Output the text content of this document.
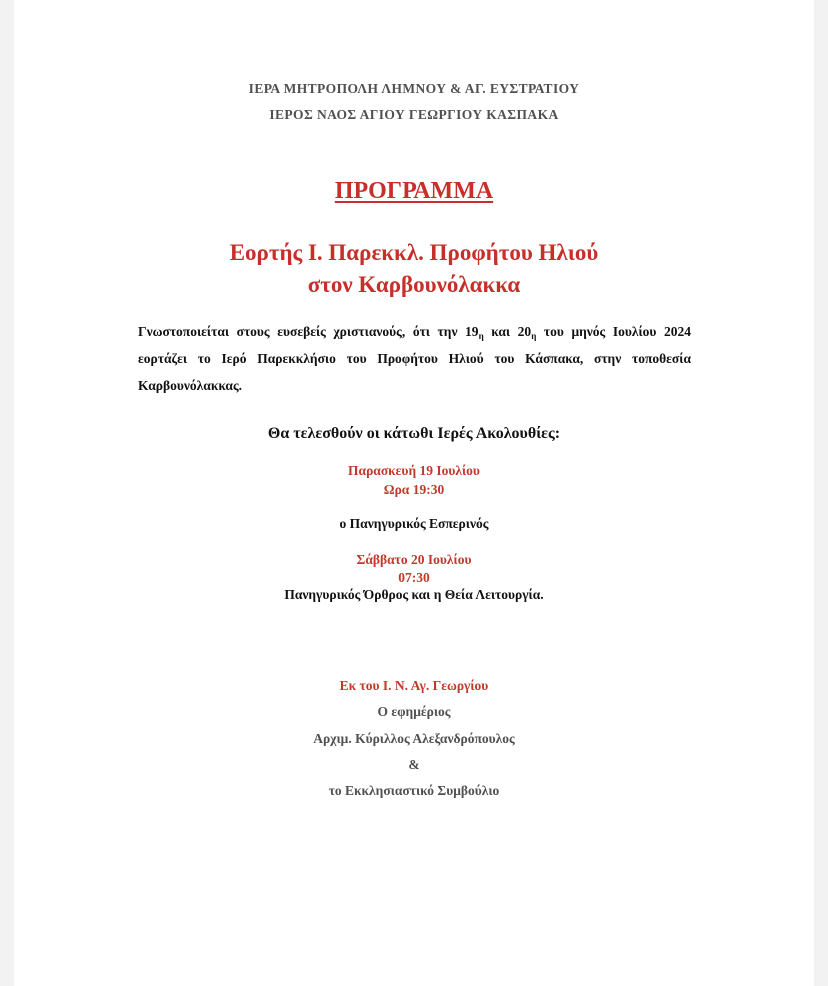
ΙΕΡΑ ΜΗΤΡΟΠΟΛΗ ΛΗΜΝΟΥ & ΑΓ. ΕΥΣΤΡΑΤΙΟΥ
ΙΕΡΟΣ ΝΑΟΣ ΑΓΙΟΥ ΓΕΩΡΓΙΟΥ ΚΑΣΠΑΚΑ
ΠΡΟΓΡΑΜΜΑ
Εορτής Ι. Παρεκκλ. Προφήτου Ηλιού
στον Καρβουνόλακκα
Γνωστοποιείται στους ευσεβείς χριστιανούς, ότι την $19_\eta$ και $20_\eta$ του μηνός Ιουλίου 2024 εορτάζει το Ιερό Παρεκκλήσιο του Προφήτου Ηλιού του Κάσπακα, στην τοποθεσία Καρβουνόλακκας.
Θα τελεσθούν οι κάτωθι Ιερές Ακολουθίες:
Παρασκευή 19 Ιουλίου
Ωρα 19:30
ο Πανηγυρικός Εσπερινός
Σάββατο 20 Ιουλίου
07:30
Πανηγυρικός Όρθρος και η Θεία Λειτουργία.
Εκ του Ι. Ν. Αγ. Γεωργίου
Ο εφημέριος
Αρχιμ. Κύριλλος Αλεξανδρόπουλος
&
το Εκκλησιαστικό Συμβούλιο
